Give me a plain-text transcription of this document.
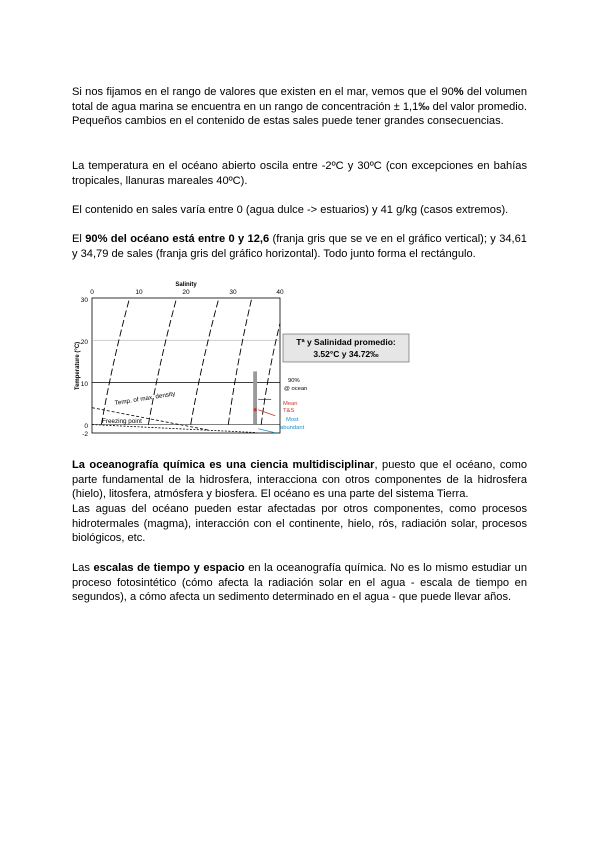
Si nos fijamos en el rango de valores que existen en el mar, vemos que el 90% del volumen total de agua marina se encuentra en un rango de concentración ± 1,1‰ del valor promedio. Pequeños cambios en el contenido de estas sales puede tener grandes consecuencias.

La temperatura en el océano abierto oscila entre -2ºC y 30ºC (con excepciones en bahías tropicales, llanuras mareales 40ºC).

El contenido en sales varía entre 0 (agua dulce -> estuarios) y 41 g/kg (casos extremos).

El 90% del océano está entre 0 y 12,6 (franja gris que se ve en el gráfico vertical); y 34,61 y 34,79 de sales (franja gris del gráfico horizontal). Todo junto forma el rectángulo.

0	10	20	30	40
Salinity
30
20
10
0
-2
Temperature (°C)
Temp. of max. density
Freezing point
Tª y Salinidad promedio:
3.52°C y 34.72‰
90%
@ ocean
Mean
T&S
Most
abundant

La oceanografía química es una ciencia multidisciplinar, puesto que el océano, como parte fundamental de la hidrosfera, interacciona con otros componentes de la hidrosfera (hielo), litosfera, atmósfera y biosfera. El océano es una parte del sistema Tierra.

Las aguas del océano pueden estar afectadas por otros componentes, como procesos hidrotermales (magma), interacción con el continente, hielo, rós, radiación solar, procesos biológicos, etc.

Las escalas de tiempo y espacio en la oceanografía química. No es lo mismo estudiar un proceso fotosintético (cómo afecta la radiación solar en el agua - escala de tiempo en segundos), a cómo afecta un sedimento determinado en el agua - que puede llevar años.
